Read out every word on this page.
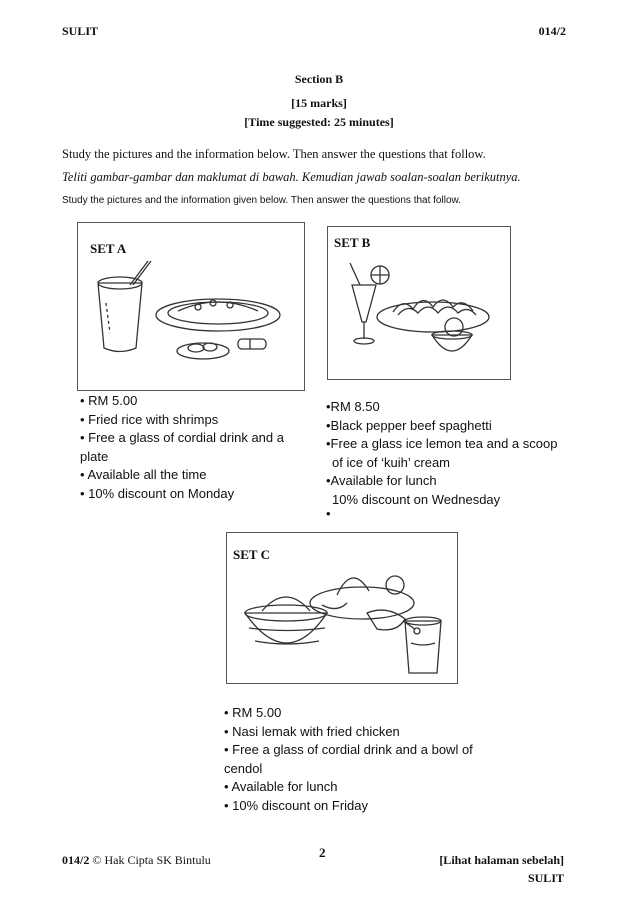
SULIT	014/2
Section B
[15 marks]
[Time suggested: 25 minutes]
Study the pictures and the information below. Then answer the questions that follow.
Teliti gambar-gambar dan maklumat di bawah. Kemudian jawab soalan-soalan berikutnya.
Study the pictures and the information given below. Then answer the questions that follow.
SET A	SET B
• RM 5.00
• Fried rice with shrimps
• Free a glass of cordial drink and a
plate
• Available all the time
• 10% discount on Monday
•RM 8.50
•Black pepper beef spaghetti
•Free a glass ice lemon tea and a scoop
of ice of ‘kuih’ cream
•Available for lunch
10% discount on Wednesday
•
SET C
• RM 5.00
• Nasi lemak with fried chicken
• Free a glass of cordial drink and a bowl of
cendol
• Available for lunch
• 10% discount on Friday
014/2 © Hak Cipta SK Bintulu	2	[Lihat halaman sebelah]
SULIT
